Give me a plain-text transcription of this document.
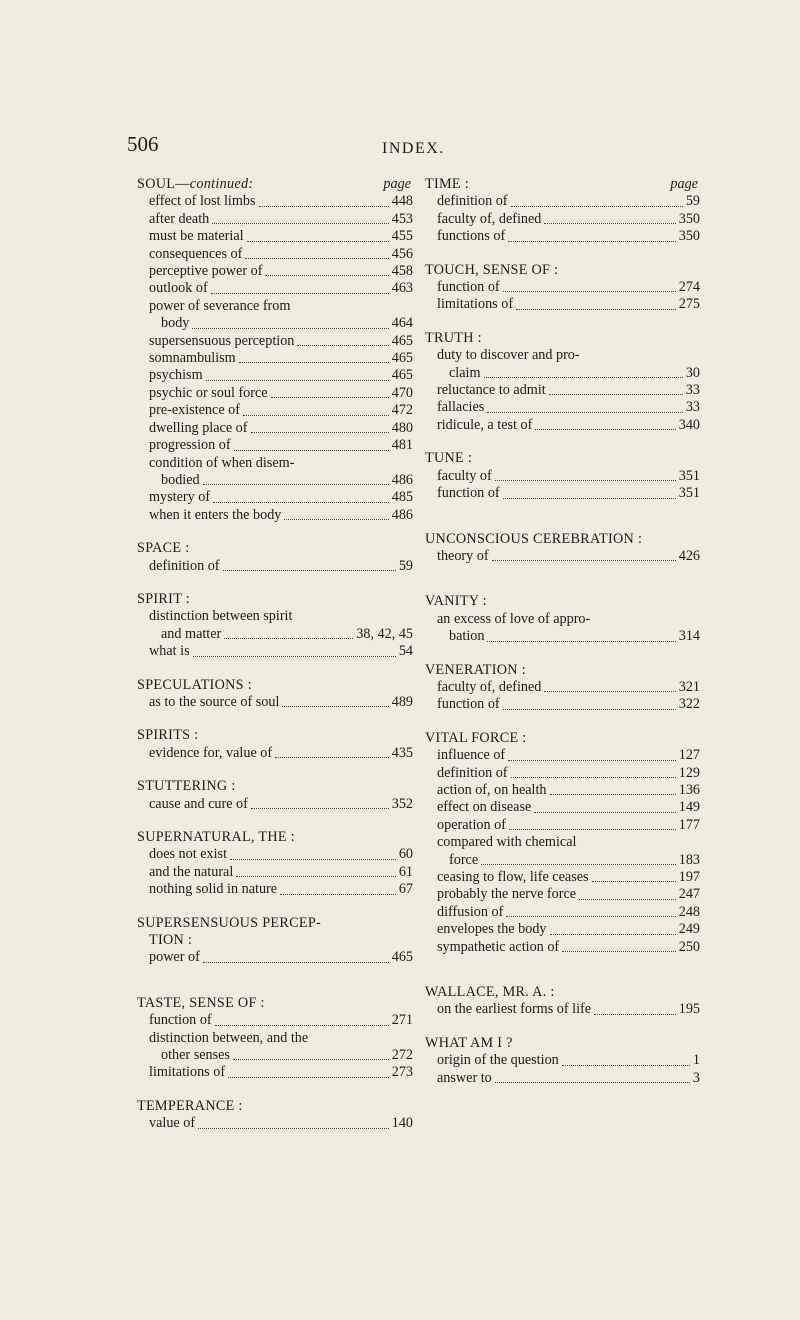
506	INDEX.
SOUL—continued:	page
effect of lost limbs	448
after death	453
must be material	455
consequences of	456
perceptive power of	458
outlook of	463
power of severance from
body	464
supersensuous perception	465
somnambulism	465
psychism	465
psychic or soul force	470
pre-existence of	472
dwelling place of	480
progression of	481
condition of when disem-
bodied	486
mystery of	485
when it enters the body	486
SPACE :
definition of	59
SPIRIT :
distinction between spirit
and matter	38, 42, 45
what is	54
SPECULATIONS :
as to the source of soul	489
SPIRITS :
evidence for, value of	435
STUTTERING :
cause and cure of	352
SUPERNATURAL, THE :
does not exist	60
and the natural	61
nothing solid in nature	67
SUPERSENSUOUS PERCEP-
TION :
power of	465
TASTE, SENSE OF :
function of	271
distinction between, and the
other senses	272
limitations of	273
TEMPERANCE :
value of	140
TIME :	page
definition of	59
faculty of, defined	350
functions of	350
TOUCH, SENSE OF :
function of	274
limitations of	275
TRUTH :
duty to discover and pro-
claim	30
reluctance to admit	33
fallacies	33
ridicule, a test of	340
TUNE :
faculty of	351
function of	351
UNCONSCIOUS CEREBRATION :
theory of	426
VANITY :
an excess of love of appro-
bation	314
VENERATION :
faculty of, defined	321
function of	322
VITAL FORCE :
influence of	127
definition of	129
action of, on health	136
effect on disease	149
operation of	177
compared with chemical
force	183
ceasing to flow, life ceases	197
probably the nerve force	247
diffusion of	248
envelopes the body	249
sympathetic action of	250
WALLACE, MR. A. :
on the earliest forms of life	195
WHAT AM I ?
origin of the question	1
answer to	3
